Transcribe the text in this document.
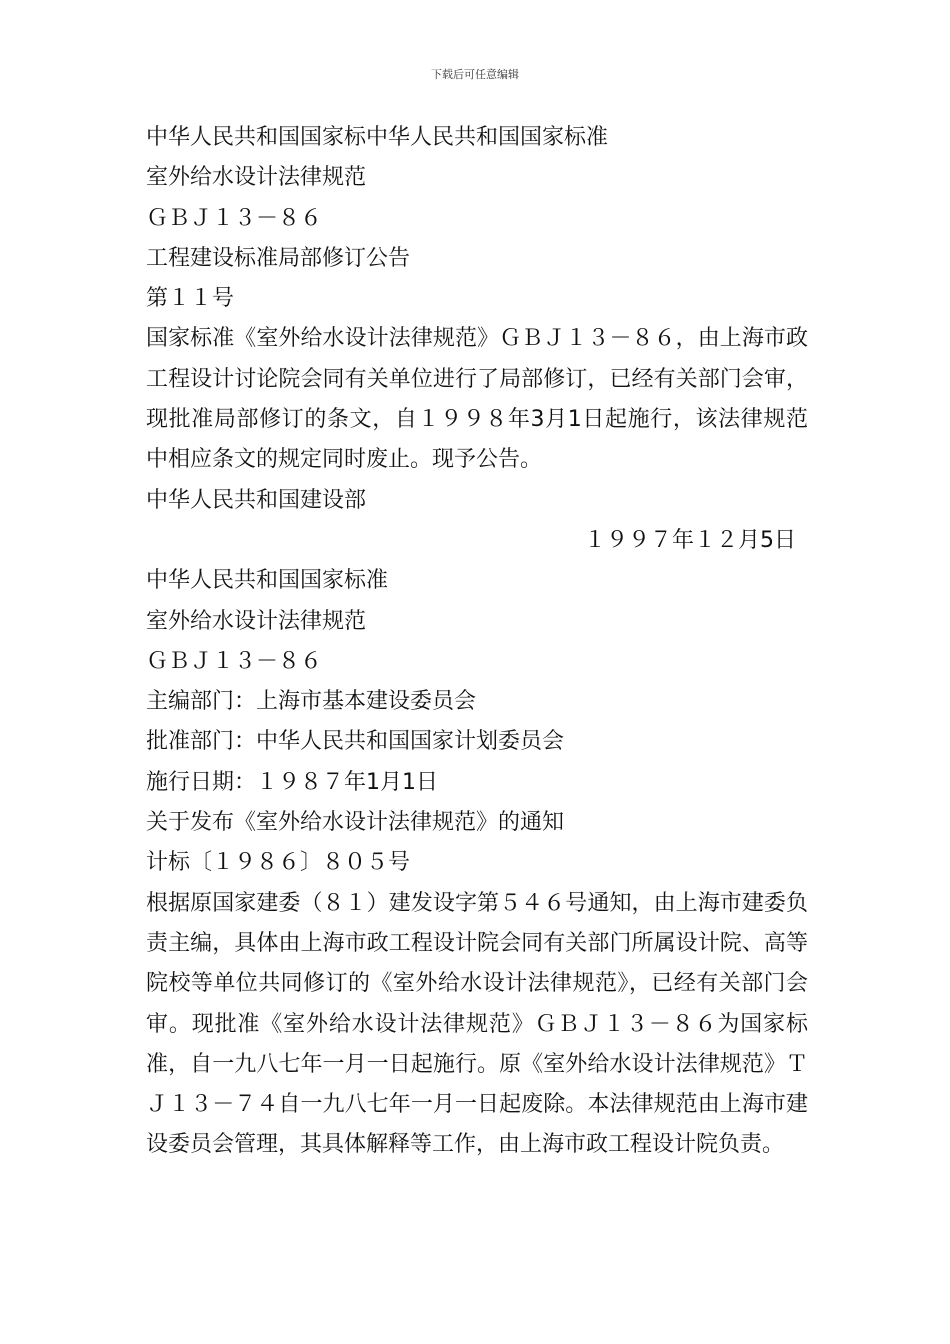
下载后可任意编辑
中华人民共和国国家标中华人民共和国国家标准
室外给水设计法律规范
ＧＢＪ１３－８６
工程建设标准局部修订公告
第１１号
国家标准《室外给水设计法律规范》ＧＢＪ１３－８６，由上海市政工程设计讨论院会同有关单位进行了局部修订，已经有关部门会审，现批准局部修订的条文，自１９９８年3月1日起施行，该法律规范中相应条文的规定同时废止。现予公告。
中华人民共和国建设部
１９９７年１２月5日
中华人民共和国国家标准
室外给水设计法律规范
ＧＢＪ１３－８６
主编部门：上海市基本建设委员会
批准部门：中华人民共和国国家计划委员会
施行日期：１９８７年1月1日
关于发布《室外给水设计法律规范》的通知
计标〔１９８６〕８０５号
根据原国家建委（８１）建发设字第５４６号通知，由上海市建委负责主编，具体由上海市政工程设计院会同有关部门所属设计院、高等院校等单位共同修订的《室外给水设计法律规范》，已经有关部门会审。现批准《室外给水设计法律规范》ＧＢＪ１３－８６为国家标准，自一九八七年一月一日起施行。原《室外给水设计法律规范》ＴＪ１３－７４自一九八七年一月一日起废除。本法律规范由上海市建设委员会管理，其具体解释等工作，由上海市政工程设计院负责。
